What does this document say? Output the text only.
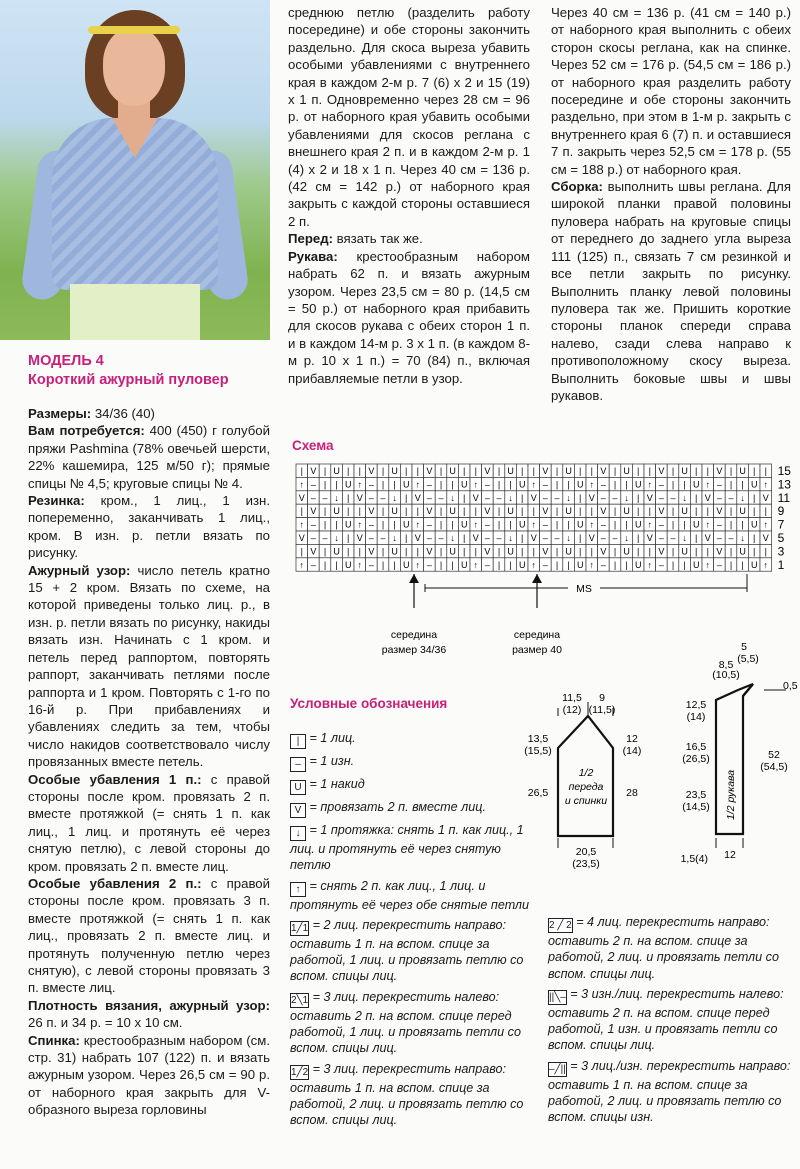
МОДЕЛЬ 4
Короткий ажурный пуловер

Размеры: 34/36 (40)

Вам потребуется: 400 (450) г голубой пряжи Pashmina (78% овечьей шерсти, 22% кашемира, 125 м/50 г); прямые спицы № 4,5; круговые спицы № 4.

Резинка: кром., 1 лиц., 1 изн. попеременно, заканчивать 1 лиц., кром. В изн. р. петли вязать по рисунку.

Ажурный узор: число петель кратно 15 + 2 кром. Вязать по схеме, на которой приведены только лиц. р., в изн. р. петли вязать по рисунку, накиды вязать изн. Начинать с 1 кром. и петель перед раппортом, повторять раппорт, заканчивать петлями после раппорта и 1 кром. Повторять с 1-го по 16-й р. При прибавлениях и убавлениях следить за тем, чтобы число накидов соответствовало числу провязанных вместе петель.

Особые убавления 1 п.: с правой стороны после кром. провязать 2 п. вместе протяжкой (= снять 1 п. как лиц., 1 лиц. и протянуть её через снятую петлю), с левой стороны до кром. провязать 2 п. вместе лиц.

Особые убавления 2 п.: с правой стороны после кром. провязать 3 п. вместе протяжкой (= снять 1 п. как лиц., провязать 2 п. вместе лиц. и протянуть полученную петлю через снятую), с левой стороны провязать 3 п. вместе лиц.

Плотность вязания, ажурный узор: 26 п. и 34 р. = 10 х 10 см.

Спинка: крестообразным набором (см. стр. 31) набрать 107 (122) п. и вязать ажурным узором. Через 26,5 см = 90 р. от наборного края закрыть для V-образного выреза горловины

среднюю петлю (разделить работу посередине) и обе стороны закончить раздельно. Для скоса выреза убавить особыми убавлениями с внутреннего края в каждом 2-м р. 7 (6) х 2 и 15 (19) х 1 п. Одновременно через 28 см = 96 р. от наборного края убавить особыми убавлениями для скосов реглана с внешнего края 2 п. и в каждом 2-м р. 1 (4) х 2 и 18 х 1 п. Через 40 см = 136 р. (42 см = 142 р.) от наборного края закрыть с каждой стороны оставшиеся 2 п.

Перед: вязать так же.

Рукава: крестообразным набором набрать 62 п. и вязать ажурным узором. Через 23,5 см = 80 р. (14,5 см = 50 р.) от наборного края прибавить для скосов рукава с обеих сторон 1 п. и в каждом 14-м р. 3 х 1 п. (в каждом 8-м р. 10 х 1 п.) = 70 (84) п., включая прибавляемые петли в узор.

Через 40 см = 136 р. (41 см = 140 р.) от наборного края выполнить с обеих сторон скосы реглана, как на спинке. Через 52 см = 176 р. (54,5 см = 186 р.) от наборного края разделить работу посередине и обе стороны закончить раздельно, при этом в 1-м р. закрыть с внутреннего края 6 (7) п. и оставшиеся 7 п. закрыть через 52,5 см = 178 р. (55 см = 188 р.) от наборного края.

Сборка: выполнить швы реглана. Для широкой планки правой половины пуловера набрать на круговые спицы от переднего до заднего угла выреза 111 (125) п., связать 7 см резинкой и все петли закрыть по рисунку. Выполнить планку левой половины пуловера так же. Пришить короткие стороны планок спереди справа налево, сзади слева направо к противоположному скосу выреза. Выполнить боковые швы и швы рукавов.

Схема
| V | U | | V | U | | V | U | | V | U | | V | U | | V | U | | V | U | | V | U | |
↑ – | | U ↑ – | | U ↑ – | | U ↑ – | | U ↑ – | | U ↑ – | | U ↑ – | | U ↑ – | | U ↑
V – – ↓ | V – – ↓ | V – – ↓ | V – – ↓ | V – – ↓ | V – – ↓ | V – – ↓ | V – – ↓ | V
| V | U | | V | U | | V | U | | V | U | | V | U | | V | U | | V | U | | V | U | |
↑ – | | U ↑ – | | U ↑ – | | U ↑ – | | U ↑ – | | U ↑ – | | U ↑ – | | U ↑ – | | U ↑
V – – ↓ | V – – ↓ | V – – ↓ | V – – ↓ | V – – ↓ | V – – ↓ | V – – ↓ | V – – ↓ | V
| V | U | | V | U | | V | U | | V | U | | V | U | | V | U | | V | U | | V | U | |
↑ – | | U ↑ – | | U ↑ – | | U ↑ – | | U ↑ – | | U ↑ – | | U ↑ – | | U ↑ – | | U ↑
15
13
11
9
7
5
3
1
MS
середина
размер 34/36
середина
размер 40
Условные обозначения
| = 1 лиц.
– = 1 изн.
U = 1 накид
V = провязать 2 п. вместе лиц.
↓ = 1 протяжка: снять 1 п. как лиц., 1 лиц. и протянуть её через снятую петлю
↑ = снять 2 п. как лиц., 1 лиц. и протянуть её через обе снятые петли
1╱1 = 2 лиц. перекрестить направо: оставить 1 п. на вспом. спице за работой, 1 лиц. и провязать петлю со вспом. спицы лиц.
2╲1 = 3 лиц. перекрестить налево: оставить 2 п. на вспом. спице перед работой, 1 лиц. и провязать петли со вспом. спицы лиц.
1╱2 = 3 лиц. перекрестить направо: оставить 1 п. на вспом. спице за работой, 2 лиц. и провязать петлю со вспом. спицы лиц.
2 ╱ 2 = 4 лиц. перекрестить направо: оставить 2 п. на вспом. спице за работой, 2 лиц. и провязать петли со вспом. спицы лиц.
||╲– = 3 изн./лиц. перекрестить налево: оставить 2 п. на вспом. спице перед работой, 1 изн. и провязать петли со вспом. спицы лиц.
–╱|| = 3 лиц./изн. перекрестить направо: оставить 1 п. на вспом. спице за работой, 2 лиц. и провязать петлю со вспом. спицы изн.
11,5
(12)
9
(11,5)
13,5
(15,5)
26,5
12
(14)
28
20,5
(23,5)
1/2
переда
и спинки
5
(5,5)
8,5
(10,5)
0,5
12,5
(14)
16,5
(26,5)
23,5
(14,5)
52
(54,5)
1/2 рукава
1,5(4) 12
